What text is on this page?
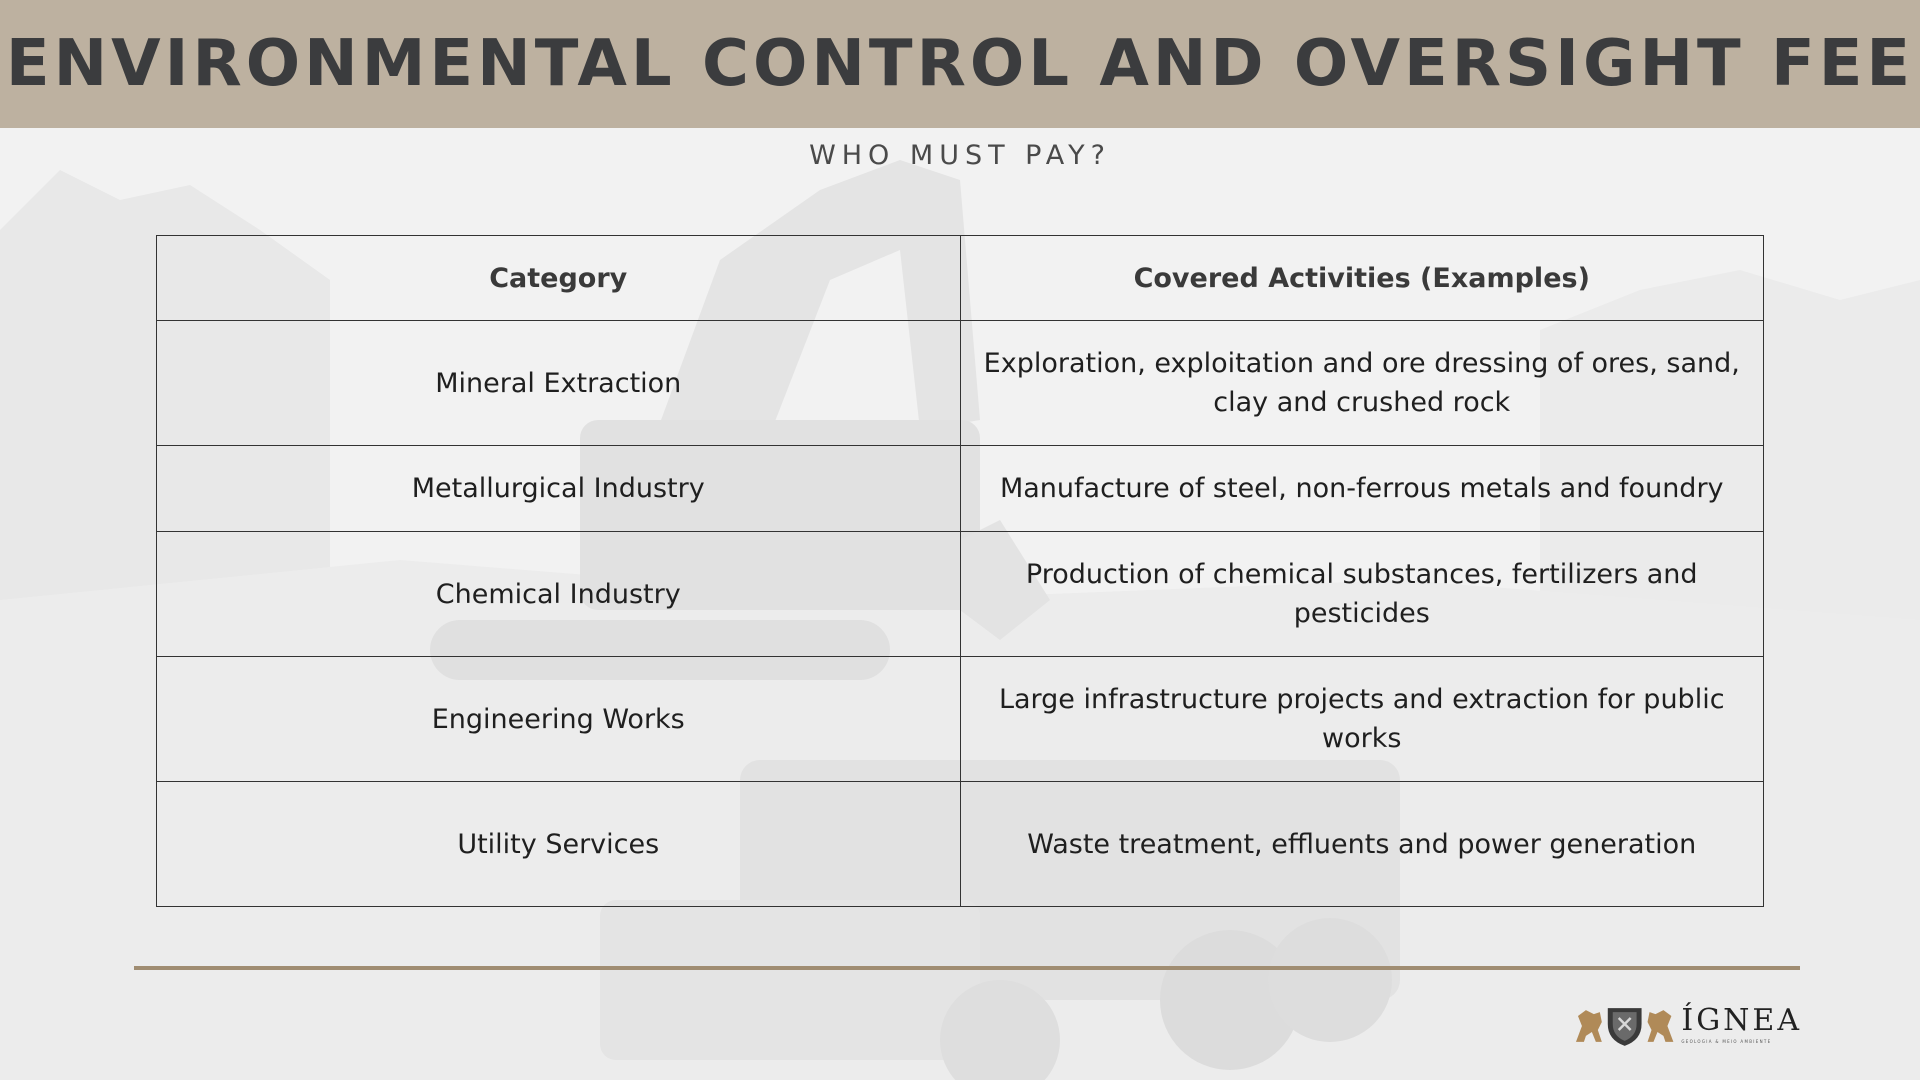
ENVIRONMENTAL CONTROL AND OVERSIGHT FEE
WHO MUST PAY?
Category	Covered Activities (Examples)
Mineral Extraction	Exploration, exploitation and ore dressing of ores, sand, clay and crushed rock
Metallurgical Industry	Manufacture of steel, non-ferrous metals and foundry
Chemical Industry	Production of chemical substances, fertilizers and pesticides
Engineering Works	Large infrastructure projects and extraction for public works
Utility Services	Waste treatment, effluents and power generation
ÍGNEA
GEOLOGIA & MEIO AMBIENTE
